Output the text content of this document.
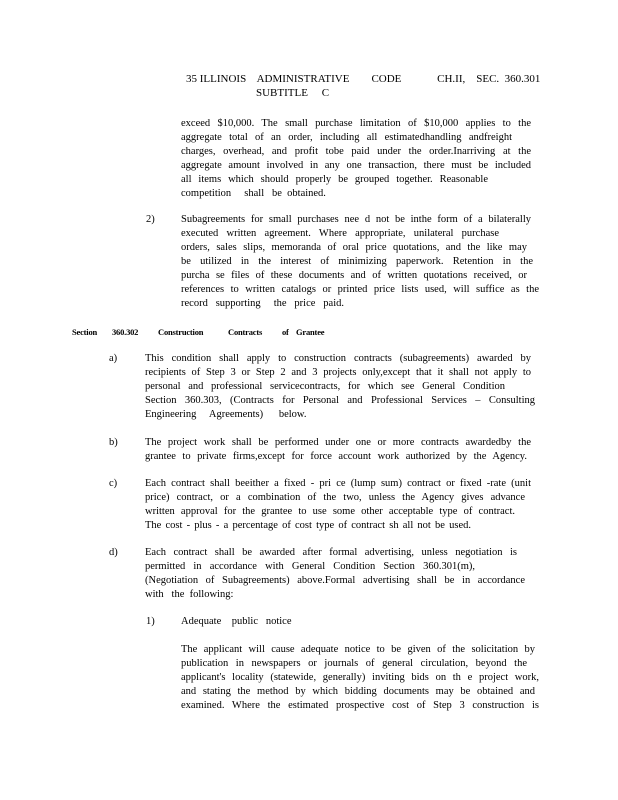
35 ILLINOIS    ADMINISTRATIVE        CODE             CH.II,    SEC.  360.301
SUBTITLE     C
exceed $10,000. The small purchase limitation of $10,000 applies to the
aggregate total of an order, including all estimatedhandling andfreight
charges, overhead, and profit tobe paid under the order.Inarriving at the
aggregate amount involved in any one transaction, there must be included
all items which should properly be grouped together. Reasonable
competition     shall   be  obtained.
2)	Subagreements for small purchases nee d not be inthe form of a bilaterally
executed written agreement. Where appropriate, unilateral purchase
orders, sales slips, memoranda of oral price quotations, and the like may
be utilized in the interest of minimizing paperwork. Retention in the
purcha se files of these documents and of written quotations received, or
references to written catalogs or printed price lists used, will suffice as the
record   supporting     the   price   paid.
Section 360.302 Construction	Contracts of Grantee
a)	This condition shall apply to construction contracts (subagreements) awarded by
recipients of Step 3 or Step 2 and 3 projects only,except that it shall not apply to
personal and professional servicecontracts, for which see General Condition
Section 360.303, (Contracts for Personal and Professional Services – Consulting
Engineering     Agreements)      below.
b)	The project work shall be performed under one or more contracts awardedby the
grantee to private firms,except for force account work authorized by the Agency.
c)	Each contract shall beeither a fixed - pri ce (lump sum) contract or fixed -rate (unit
price) contract, or a combination of the two, unless the Agency gives advance
written approval for the grantee to use some other acceptable type of contract.
The cost - plus - a percentage of cost type of contract sh all not be used.
d)	Each contract shall be awarded after formal advertising, unless negotiation is
permitted in accordance with General Condition Section 360.301(m),
(Negotiation of Subagreements) above.Formal advertising shall be in accordance
with   the  following:
1)	Adequate    public   notice
The applicant will cause adequate notice to be given of the solicitation by
publication in newspapers or journals of general circulation, beyond the
applicant's locality (statewide, generally) inviting bids on th e project work,
and stating the method by which bidding documents may be obtained and
examined. Where the estimated prospective cost of Step 3 construction is
